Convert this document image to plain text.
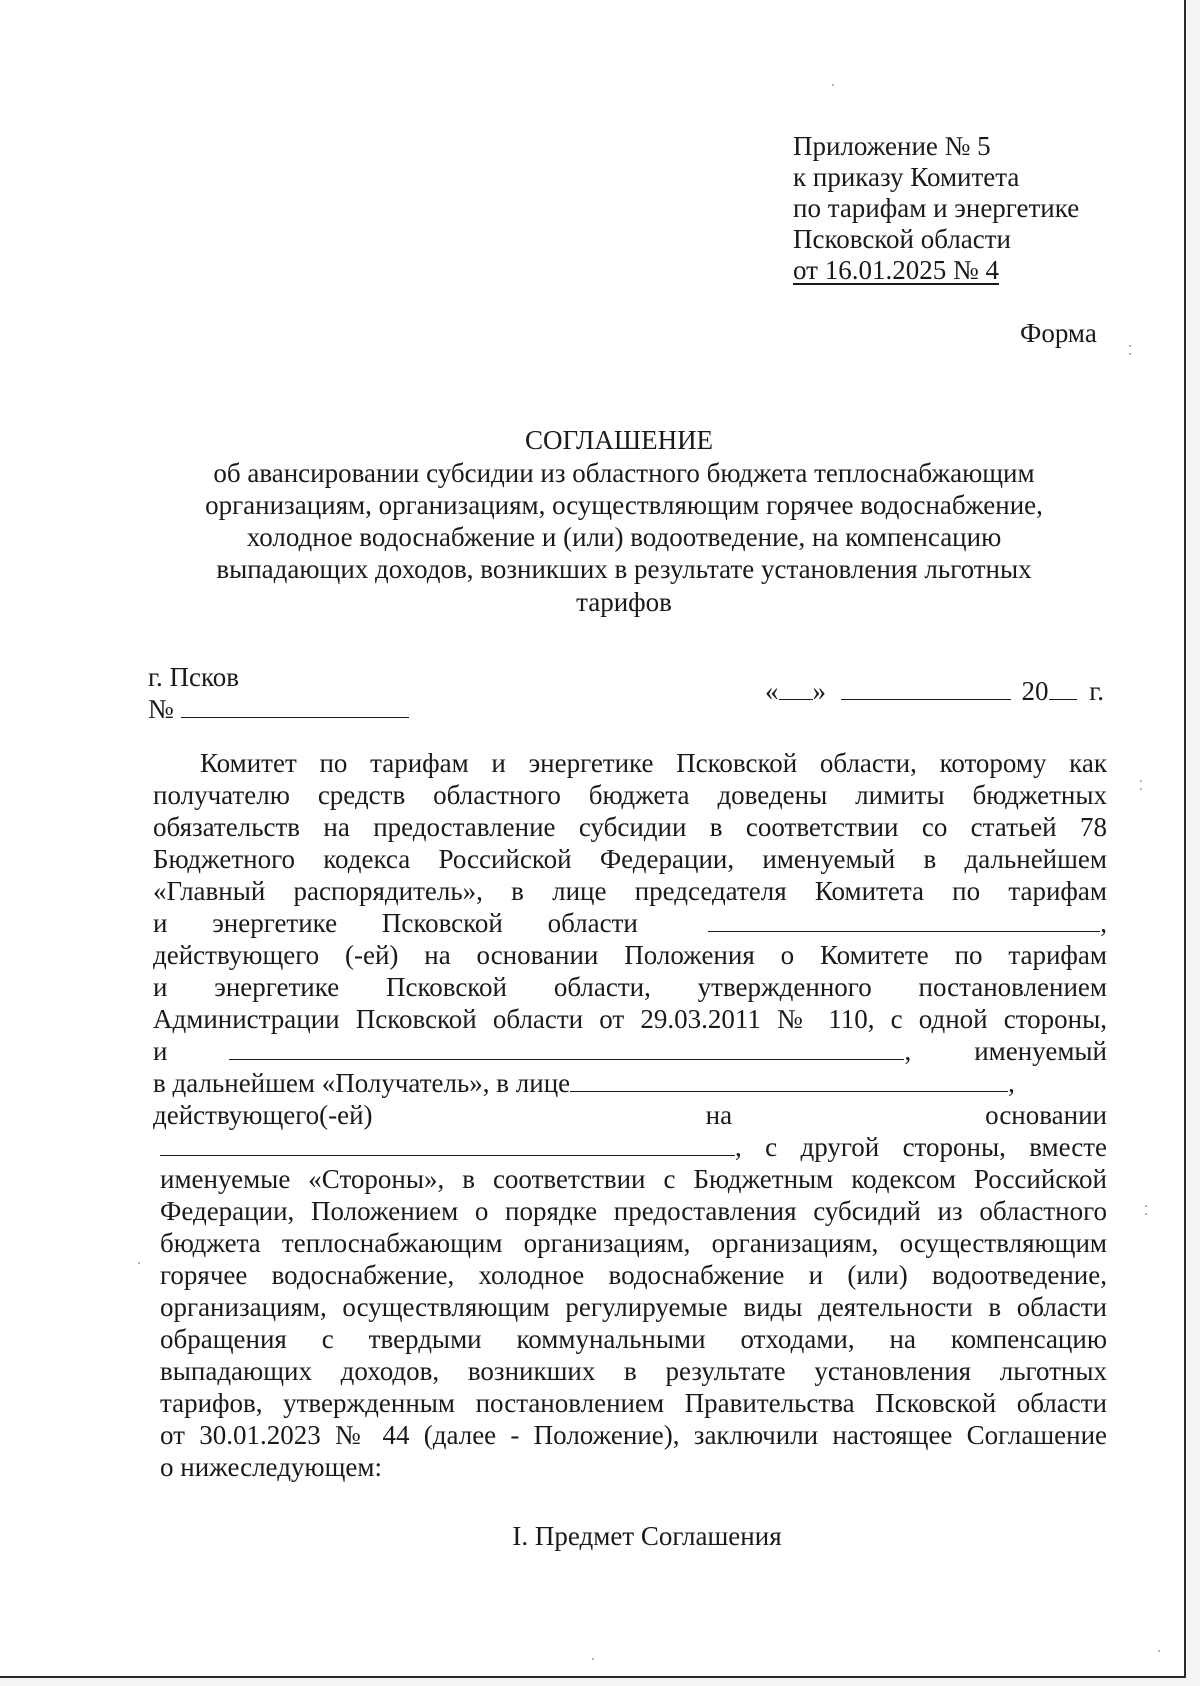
Приложение № 5
к приказу Комитета
по тарифам и энергетике
Псковской области
от 16.01.2025 № 4
Форма
СОГЛАШЕНИЕ
об авансировании субсидии из областного бюджета теплоснабжающим
организациям, организациям, осуществляющим горячее водоснабжение,
холодное водоснабжение и (или) водоотведение, на компенсацию
выпадающих доходов, возникших в результате установления льготных
тарифов
г. Псков
№
« »	20 г.
Комитет по тарифам и энергетике Псковской области, которому как
получателю средств областного бюджета доведены лимиты бюджетных
обязательств на предоставление субсидии в соответствии со статьей 78
Бюджетного кодекса Российской Федерации, именуемый в дальнейшем
«Главный распорядитель», в лице председателя Комитета по тарифам
и энергетике Псковской области	,
действующего (-ей) на основании Положения о Комитете по тарифам
и энергетике Псковской области, утвержденного постановлением
Администрации Псковской области от 29.03.2011 № 110, с одной стороны,
и	, именуемый
в дальнейшем «Получатель», в лице	,
действующего(-ей)	на	основании
, с другой стороны, вместе
именуемые «Стороны», в соответствии с Бюджетным кодексом Российской
Федерации, Положением о порядке предоставления субсидий из областного
бюджета теплоснабжающим организациям, организациям, осуществляющим
горячее водоснабжение, холодное водоснабжение и (или) водоотведение,
организациям, осуществляющим регулируемые виды деятельности в области
обращения с твердыми коммунальными отходами, на компенсацию
выпадающих доходов, возникших в результате установления льготных
тарифов, утвержденным постановлением Правительства Псковской области
от 30.01.2023 № 44 (далее - Положение), заключили настоящее Соглашение
о нижеследующем:
I. Предмет Соглашения
